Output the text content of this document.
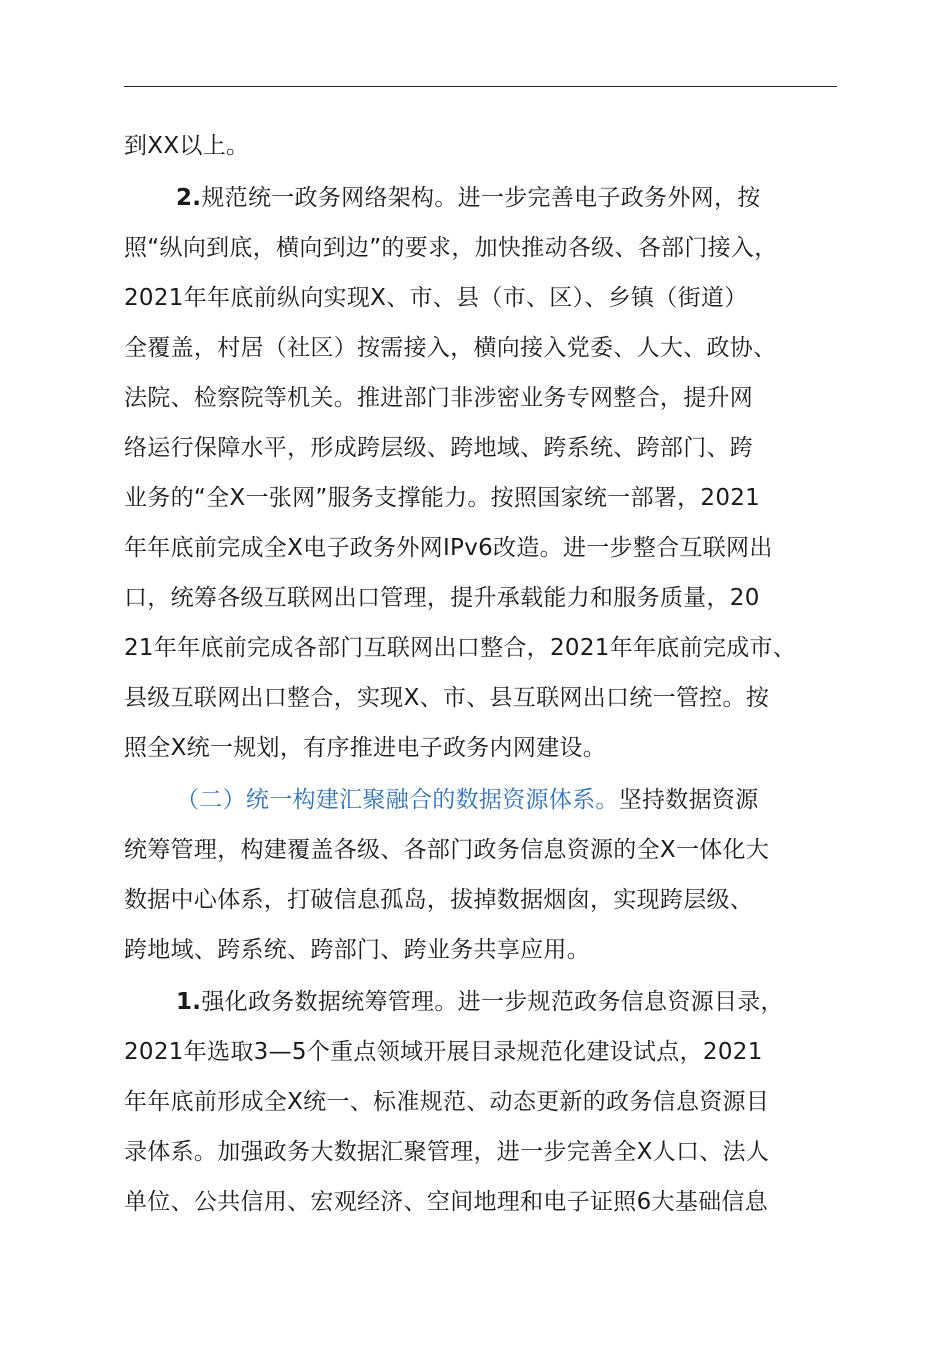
到XX以上。
2.规范统一政务网络架构。进一步完善电子政务外网，按
照“纵向到底，横向到边”的要求，加快推动各级、各部门接入，
2021年年底前纵向实现X、市、县（市、区）、乡镇（街道）
全覆盖，村居（社区）按需接入，横向接入党委、人大、政协、
法院、检察院等机关。推进部门非涉密业务专网整合，提升网
络运行保障水平，形成跨层级、跨地域、跨系统、跨部门、跨
业务的“全X一张网”服务支撑能力。按照国家统一部署，2021
年年底前完成全X电子政务外网IPv6改造。进一步整合互联网出
口，统筹各级互联网出口管理，提升承载能力和服务质量，20
21年年底前完成各部门互联网出口整合，2021年年底前完成市、
县级互联网出口整合，实现X、市、县互联网出口统一管控。按
照全X统一规划，有序推进电子政务内网建设。
（二）统一构建汇聚融合的数据资源体系。坚持数据资源
统筹管理，构建覆盖各级、各部门政务信息资源的全X一体化大
数据中心体系，打破信息孤岛，拔掉数据烟囱，实现跨层级、
跨地域、跨系统、跨部门、跨业务共享应用。
1.强化政务数据统筹管理。进一步规范政务信息资源目录，
2021年选取3—5个重点领域开展目录规范化建设试点，2021
年年底前形成全X统一、标准规范、动态更新的政务信息资源目
录体系。加强政务大数据汇聚管理，进一步完善全X人口、法人
单位、公共信用、宏观经济、空间地理和电子证照6大基础信息
